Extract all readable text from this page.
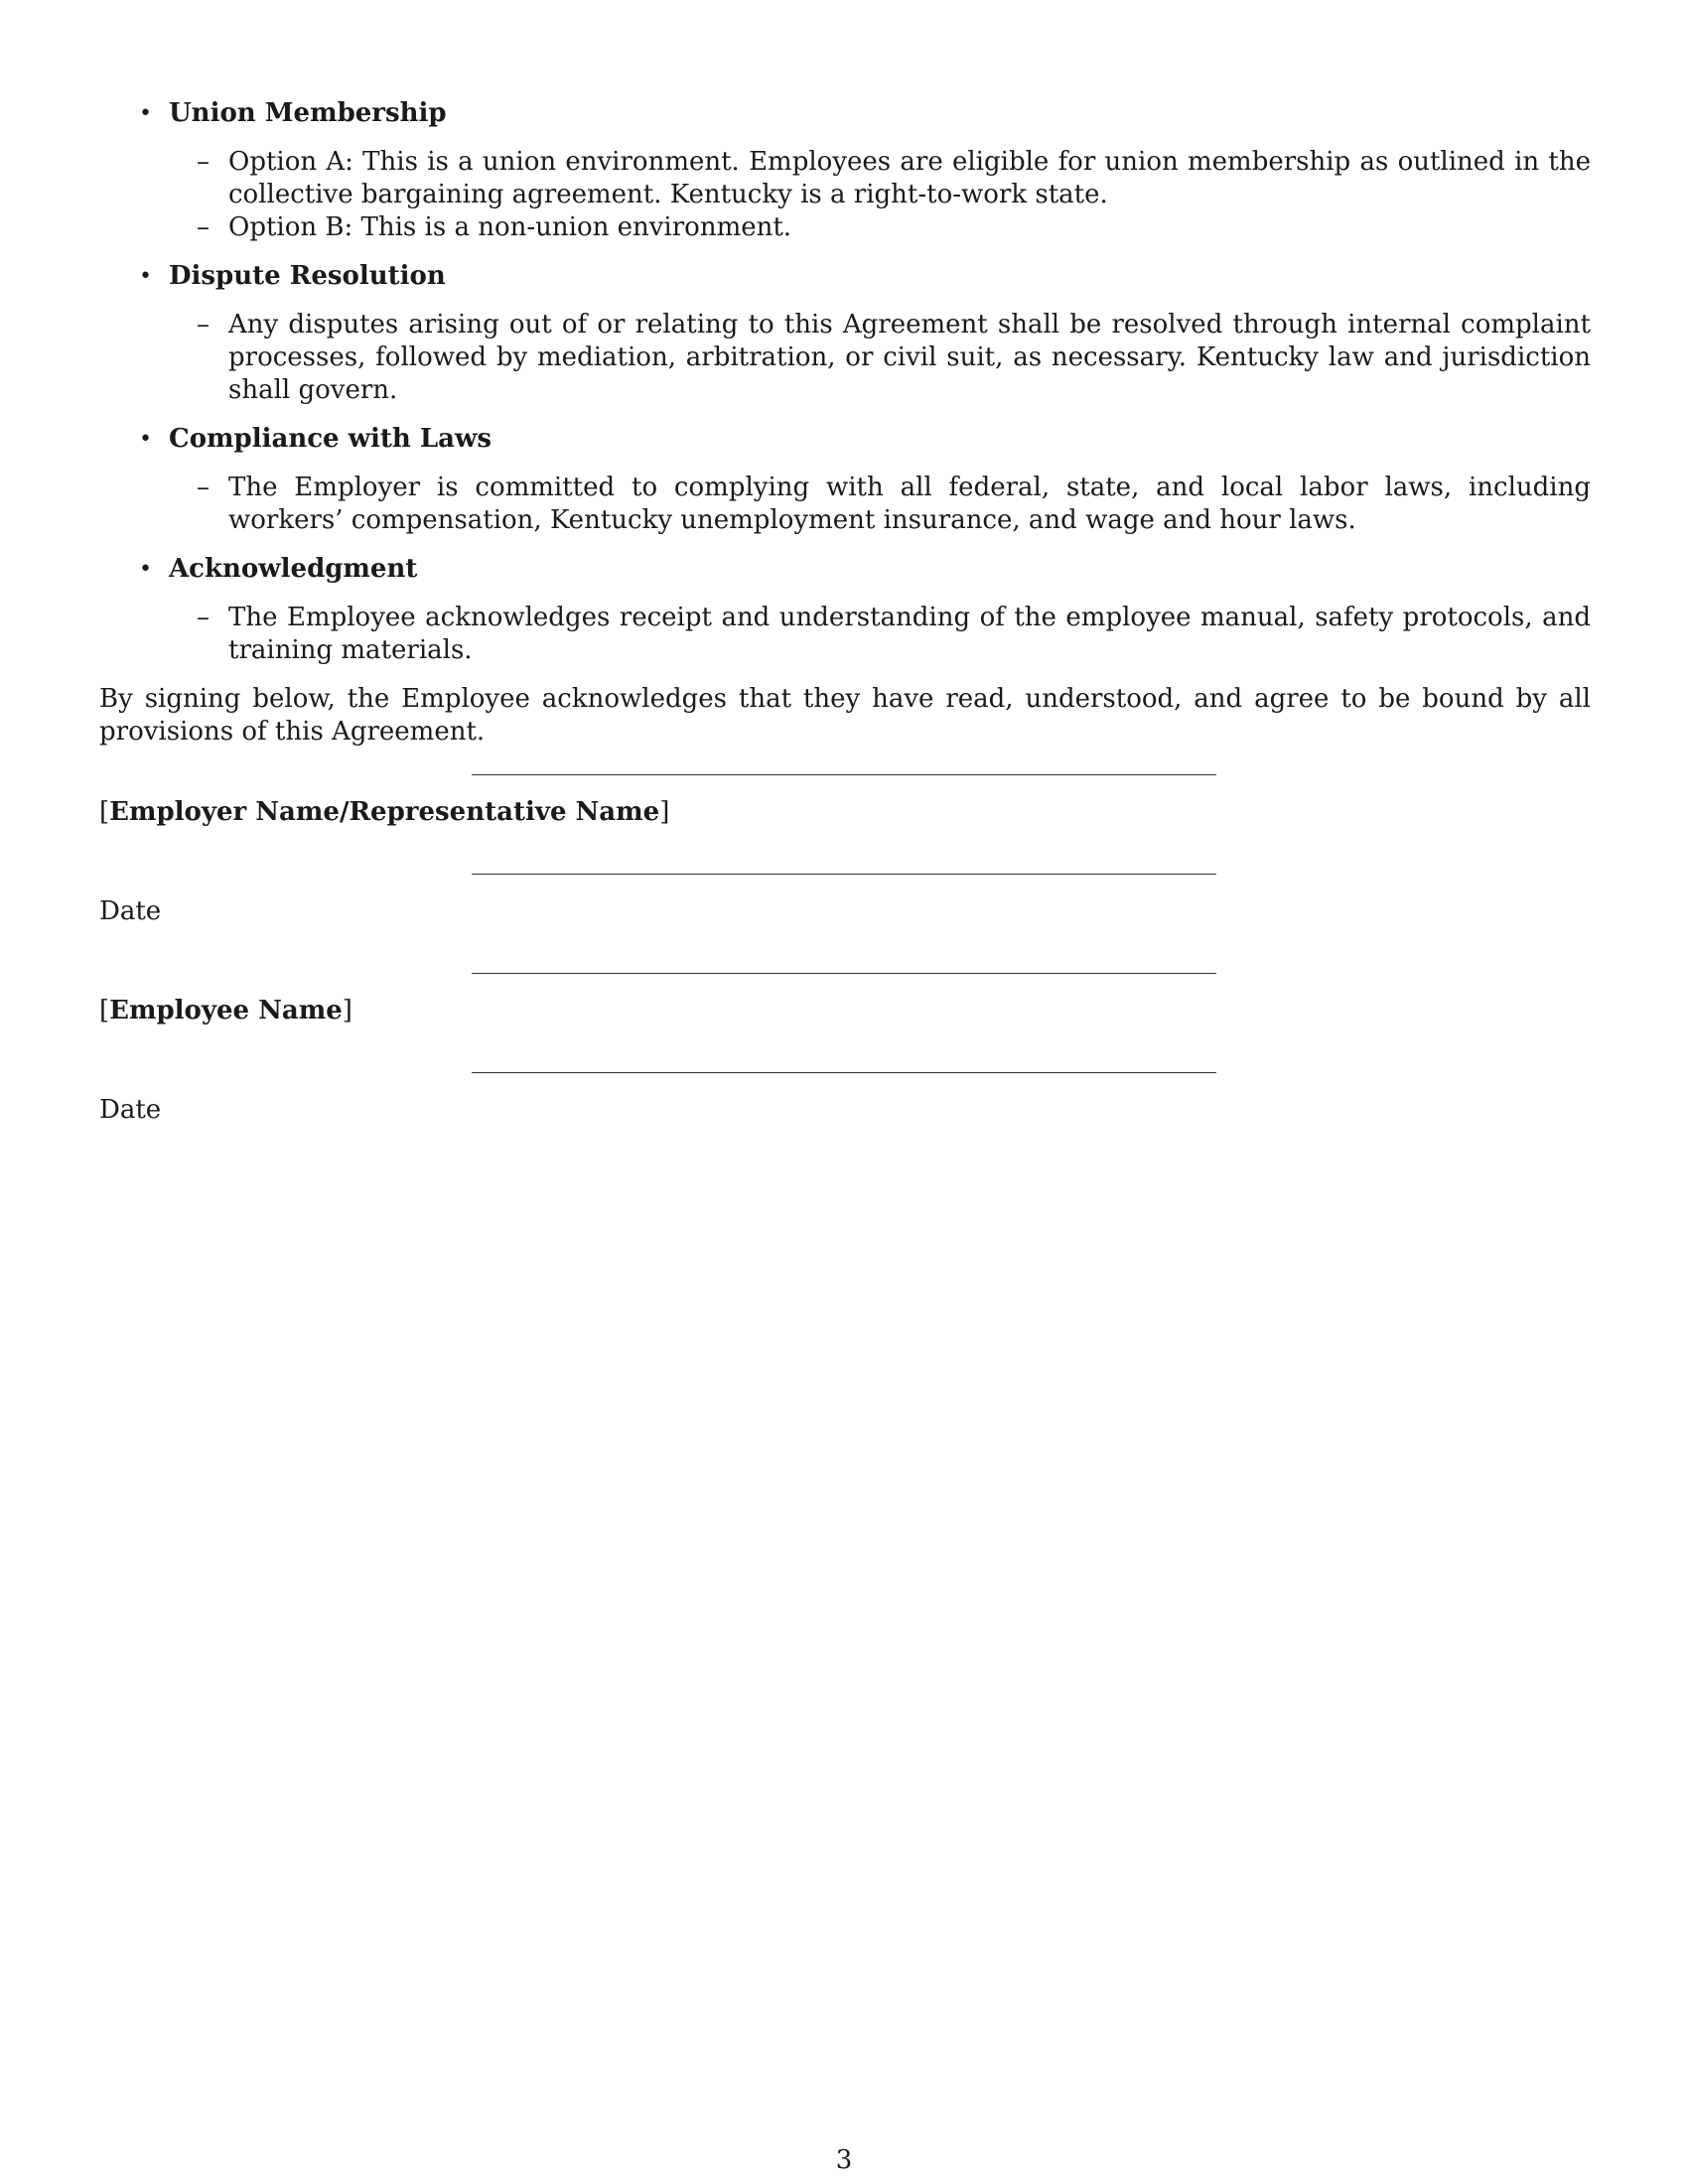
• Union Membership
– Option A: This is a union environment. Employees are eligible for union membership as outlined in the collective bargaining agreement. Kentucky is a right-to-work state.
– Option B: This is a non-union environment.
• Dispute Resolution
– Any disputes arising out of or relating to this Agreement shall be resolved through internal complaint processes, followed by mediation, arbitration, or civil suit, as necessary. Kentucky law and jurisdiction shall govern.
• Compliance with Laws
– The Employer is committed to complying with all federal, state, and local labor laws, including workers’ compensation, Kentucky unemployment insurance, and wage and hour laws.
• Acknowledgment
– The Employee acknowledges receipt and understanding of the employee manual, safety protocols, and training materials.

By signing below, the Employee acknowledges that they have read, understood, and agree to be bound by all provisions of this Agreement.

[Employer Name/Representative Name]
Date
[Employee Name]
Date
3
